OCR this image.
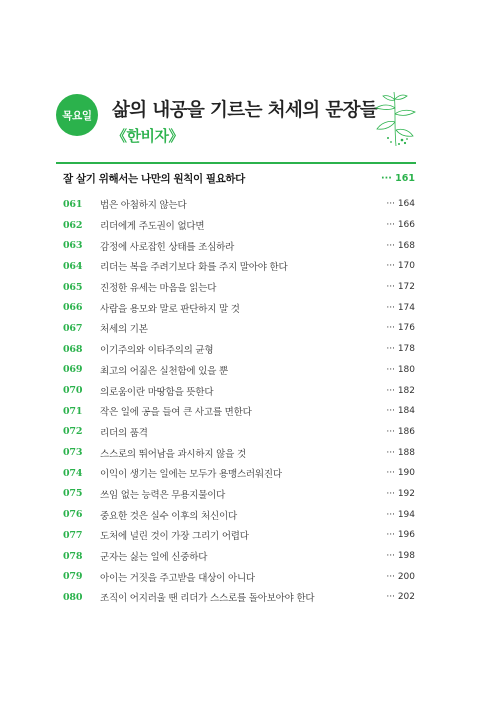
목요일	삶의 내공을 기르는 처세의 문장들
《한비자》
잘 살기 위해서는 나만의 원칙이 필요하다	··· 161
061	법은 아첨하지 않는다	··· 164
062	리더에게 주도권이 없다면	··· 166
063	감정에 사로잡힌 상태를 조심하라	··· 168
064	리더는 복을 주려기보다 화를 주지 말아야 한다	··· 170
065	진정한 유세는 마음을 읽는다	··· 172
066	사람을 용모와 말로 판단하지 말 것	··· 174
067	처세의 기본	··· 176
068	이기주의와 이타주의의 균형	··· 178
069	최고의 어짊은 실천함에 있을 뿐	··· 180
070	의로움이란 마땅함을 뜻한다	··· 182
071	작은 일에 공을 들여 큰 사고를 면한다	··· 184
072	리더의 품격	··· 186
073	스스로의 뛰어남을 과시하지 않을 것	··· 188
074	이익이 생기는 일에는 모두가 용맹스러워진다	··· 190
075	쓰임 없는 능력은 무용지물이다	··· 192
076	중요한 것은 실수 이후의 처신이다	··· 194
077	도처에 널린 것이 가장 그리기 어렵다	··· 196
078	군자는 싫는 일에 신중하다	··· 198
079	아이는 거짓을 주고받을 대상이 아니다	··· 200
080	조직이 어지러울 땐 리더가 스스로를 돌아보아야 한다	··· 202
